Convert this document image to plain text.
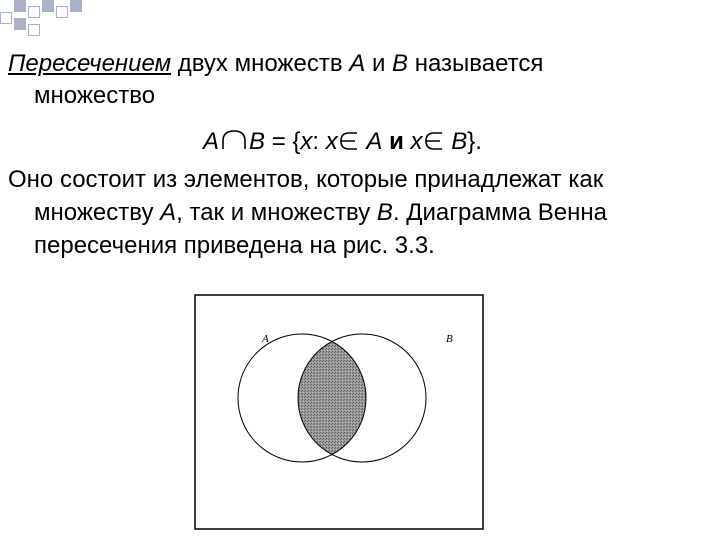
Пересечением двух множеств A и B называется
множество
A B = {x: x A и x B}.
Оно состоит из элементов, которые принадлежат как
множеству A, так и множеству B. Диаграмма Венна
пересечения приведена на рис. 3.3.
A	B
